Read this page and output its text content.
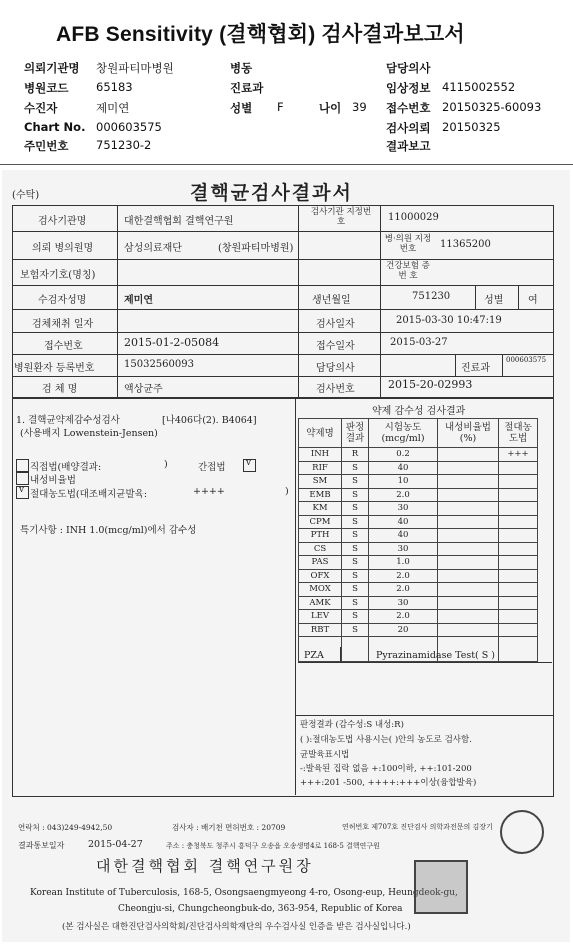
AFB Sensitivity (결핵협회) 검사결과보고서
의뢰기관명 창원파티마병원	병동	담당의사
병원코드 65183	진료과	임상정보 4115002552
수진자	제미연	성별 F	나이 39 접수번호 20150325-60093
Chart No. 000603575	검사의뢰 20150325
주민번호 751230-2	결과보고
(수탁)	결핵균검사결과서
검사기관명	대한결핵협회 결핵연구원
검사기관 지정번호	11000029
의뢰 병의원명	삼성의료재단	(창원파티마병원)
병·의원 지정번호	11365200
보험자기호(명칭)
건강보험 증 번 호
수검자성명	제미연	생년월일	751230	성별 여
검체채취 일자	검사일자	2015-03-30 10:47:19
접수번호	2015-01-2-05084	접수일자	2015-03-27
병원환자 등록번호	15032560093	담당의사	진료과
000603575
검 체 명	액상균주	검사번호	2015-20-02993
1. 결핵균약제감수성검사	[나406다(2). B4064]
(사용배지 Lowenstein-Jensen)
직접법(배양결과:	)	간접법 v
내성비율법
v 절대농도법(대조배지균발육:	++++	)
특기사항 : INH 1.0(mcg/ml)에서 감수성
약제 감수성 검사결과
약제명	판정결과	시험농도(mcg/ml)	내성비율법(%)	절대농도법
INH	R	0.2		+++
RIF	S	40		
SM	S	10		
EMB	S	2.0		
KM	S	30		
CPM	S	40		
PTH	S	40		
CS	S	30		
PAS	S	1.0		
OFX	S	2.0		
MOX	S	2.0		
AMK	S	30		
LEV	S	2.0		
RBT	S	20		

PZA	Pyrazinamidase Test( S )
판정결과 (감수성:S 내성:R)
( ):절대농도법 사용시는( )안의 농도로 검사함.
균발육표시법
-:발육된 집락 없음 +:100이하, ++:101-200
+++:201 -500, ++++:+++이상(융합발육)
연락처 : 043)249-4942,50	검사자 : 배기천 면허번호 : 20709	연허번호 제707호 진단검사 의학과전문의 김장기
결과통보일자 2015-04-27	주소 : 충청북도 청주시 흥덕구 오송읍 오송생명4로 168-5 결핵연구원
대한결핵협회 결핵연구원장
Korean Institute of Tuberculosis, 168-5, Osongsaengmyeong 4-ro, Osong-eup, Heungdeok-gu,
Cheongju-si, Chungcheongbuk-do, 363-954, Republic of Korea
(본 검사실은 대한진단검사의학회/진단검사의학재단의 우수검사실 인증을 받은 검사실입니다.)
